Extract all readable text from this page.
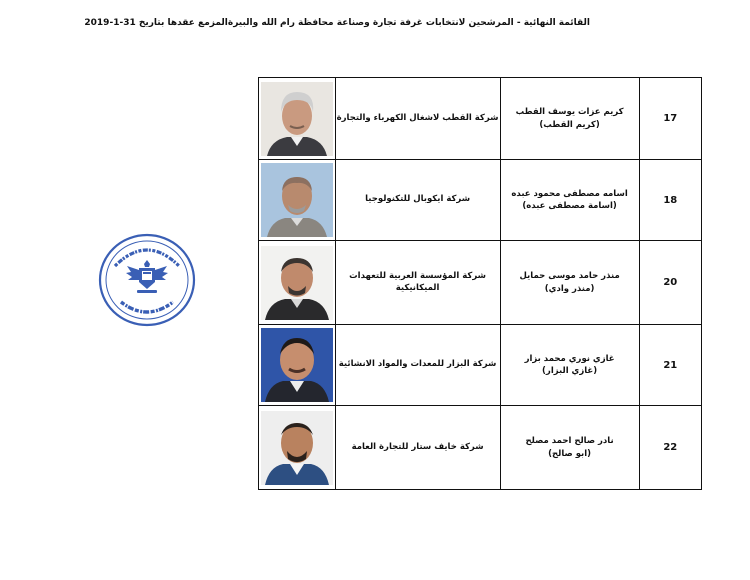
القائمة النهائية - المرشحين لانتخابات غرفة تجارة وصناعة محافظة رام الله والبيرةالمزمع عقدها بتاريخ 31-1-2019
	شركة القطب لاشغال الكهرباء والتجارة	كريم عزات يوسف القطب
(كريم القطب)	17

	شركة ايكوبال للتكنولوجيا	اسامه مصطفى محمود عبده
(اسامة مصطفى عبده)	18

	شركة المؤسسة العربية للتعهدات الميكانيكية	منذر حامد موسى حمايل
(منذر وادي)	20

	شركة البزار للمعدات والمواد الانشائية	غازي نوري محمد بزار
(غازي البزار)	21

	شركة خايف ستار للتجارة العامة	نادر صالح احمد مصلح
(ابو صالح)	22
